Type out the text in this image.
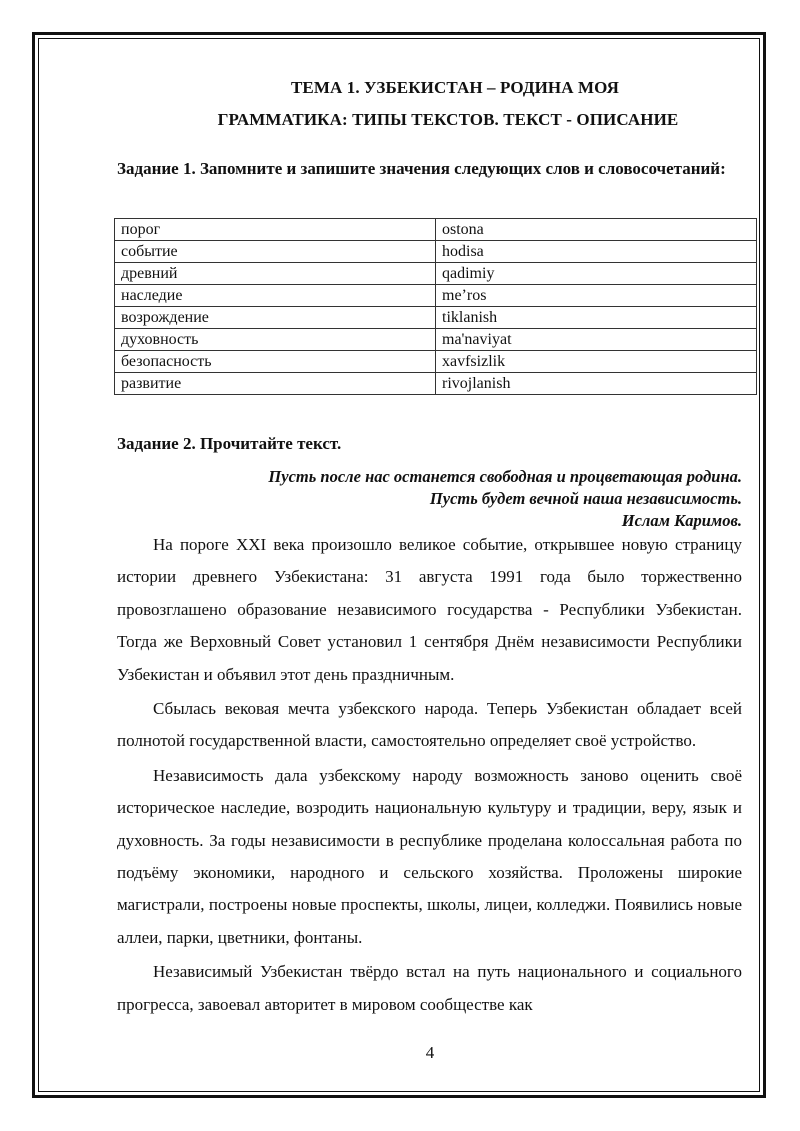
ТЕМА 1. УЗБЕКИСТАН – РОДИНА МОЯ
ГРАММАТИКА: ТИПЫ ТЕКСТОВ. ТЕКСТ - ОПИСАНИЕ
Задание 1. Запомните и запишите значения следующих слов и словосочетаний:
порог	ostona
событие	hodisa
древний	qadimiy
наследие	me’ros
возрождение	tiklanish
духовность	ma'naviyat
безопасность	xavfsizlik
развитие	rivojlanish
Задание 2. Прочитайте текст.
Пусть после нас останется свободная и процветающая родина.
Пусть будет вечной наша независимость.
Ислам Каримов.

На пороге XXI века произошло великое событие, открывшее новую страницу истории древнего Узбекистана: 31 августа 1991 года было торжественно провозглашено образование независимого государства - Республики Узбекистан. Тогда же Верховный Совет установил 1 сентября Днём независимости Республики Узбекистан и объявил этот день праздничным.

Сбылась вековая мечта узбекского народа. Теперь Узбекистан обладает всей полнотой государственной власти, самостоятельно определяет своё устройство.

Независимость дала узбекскому народу возможность заново оценить своё историческое наследие, возродить национальную культуру и традиции, веру, язык и духовность. За годы независимости в республике проделана колоссальная работа по подъёму экономики, народного и сельского хозяйства. Проложены широкие магистрали, построены новые проспекты, школы, лицеи, колледжи. Появились новые аллеи, парки, цветники, фонтаны.

Независимый Узбекистан твёрдо встал на путь национального и социального прогресса, завоевал авторитет в мировом сообществе как

4
